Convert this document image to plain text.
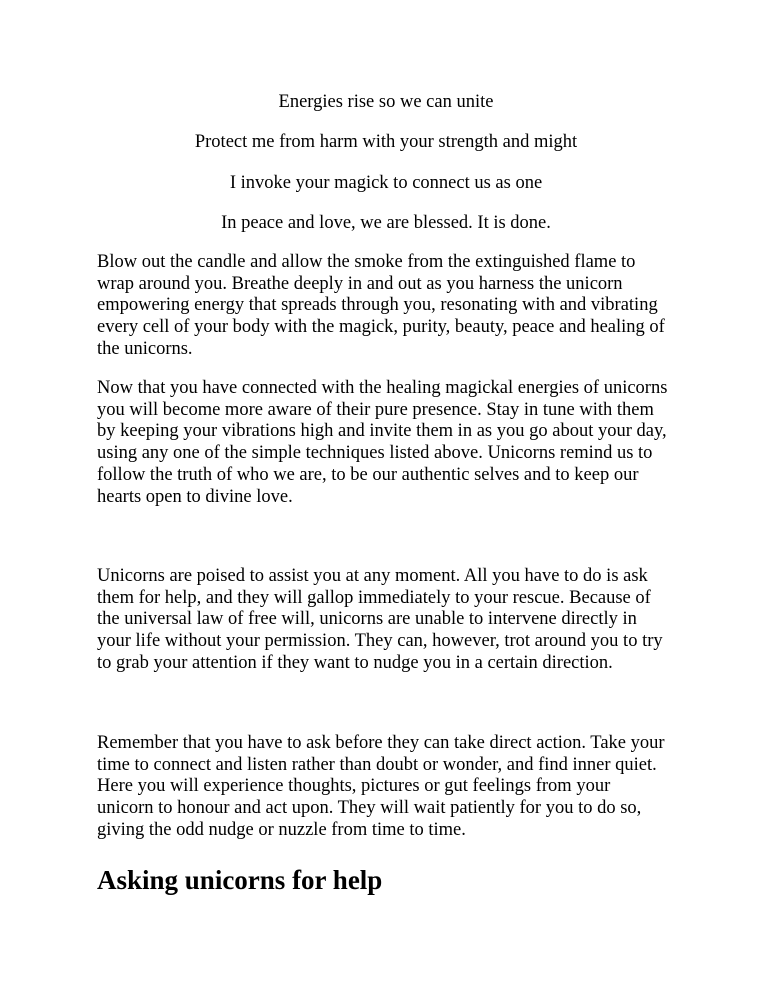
Energies rise so we can unite

Protect me from harm with your strength and might

I invoke your magick to connect us as one

In peace and love, we are blessed. It is done.

Blow out the candle and allow the smoke from the extinguished flame to
wrap around you. Breathe deeply in and out as you harness the unicorn
empowering energy that spreads through you, resonating with and vibrating
every cell of your body with the magick, purity, beauty, peace and healing of
the unicorns.
Now that you have connected with the healing magickal energies of unicorns
you will become more aware of their pure presence. Stay in tune with them
by keeping your vibrations high and invite them in as you go about your day,
using any one of the simple techniques listed above. Unicorns remind us to
follow the truth of who we are, to be our authentic selves and to keep our
hearts open to divine love.
Unicorns are poised to assist you at any moment. All you have to do is ask
them for help, and they will gallop immediately to your rescue. Because of
the universal law of free will, unicorns are unable to intervene directly in
your life without your permission. They can, however, trot around you to try
to grab your attention if they want to nudge you in a certain direction.
Remember that you have to ask before they can take direct action. Take your
time to connect and listen rather than doubt or wonder, and find inner quiet.
Here you will experience thoughts, pictures or gut feelings from your
unicorn to honour and act upon. They will wait patiently for you to do so,
giving the odd nudge or nuzzle from time to time.
Asking unicorns for help
